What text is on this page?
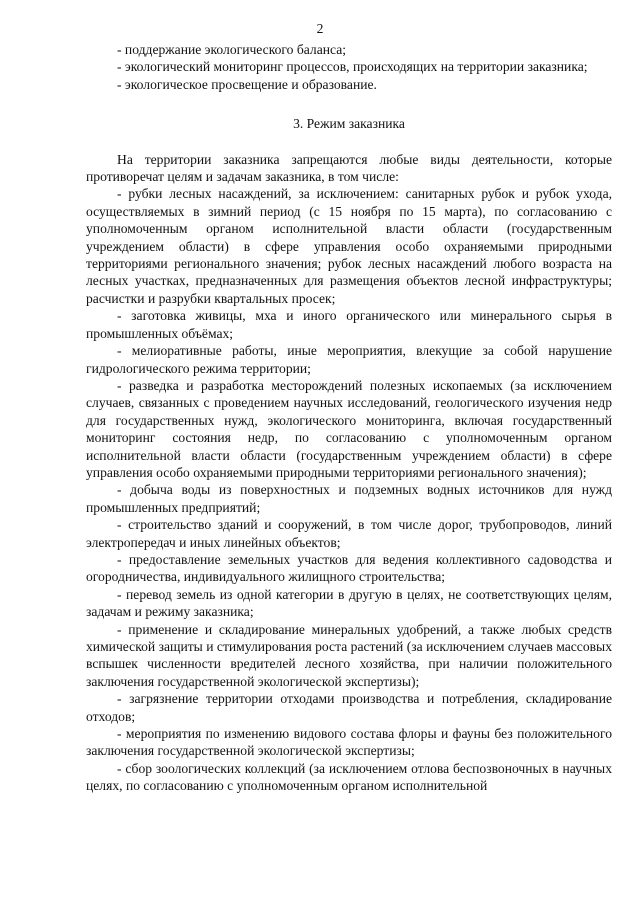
2

- поддержание экологического баланса;

- экологический мониторинг процессов, происходящих на территории заказника;

- экологическое просвещение и образование.

3. Режим заказника

На территории заказника запрещаются любые виды деятельности, которые противоречат целям и задачам заказника, в том числе:

- рубки лесных насаждений, за исключением: санитарных рубок и рубок ухода, осуществляемых в зимний период (с 15 ноября по 15 марта), по согласованию с уполномоченным органом исполнительной власти области (государственным учреждением области) в сфере управления особо охраняемыми природными территориями регионального значения; рубок лесных насаждений любого возраста на лесных участках, предназначенных для размещения объектов лесной инфраструктуры; расчистки и разрубки квартальных просек;

- заготовка живицы, мха и иного органического или минерального сырья в промышленных объёмах;

- мелиоративные работы, иные мероприятия, влекущие за собой нарушение гидрологического режима территории;

- разведка и разработка месторождений полезных ископаемых (за исключением случаев, связанных с проведением научных исследований, геологического изучения недр для государственных нужд, экологического мониторинга, включая государственный мониторинг состояния недр, по согласованию с уполномоченным органом исполнительной власти области (государственным учреждением области) в сфере управления особо охраняемыми природными территориями регионального значения);

- добыча воды из поверхностных и подземных водных источников для нужд промышленных предприятий;

- строительство зданий и сооружений, в том числе дорог, трубопроводов, линий электропередач и иных линейных объектов;

- предоставление земельных участков для ведения коллективного садоводства и огородничества, индивидуального жилищного строительства;

- перевод земель из одной категории в другую в целях, не соответствующих целям, задачам и режиму заказника;

- применение и складирование минеральных удобрений, а также любых средств химической защиты и стимулирования роста растений (за исключением случаев массовых вспышек численности вредителей лесного хозяйства, при наличии положительного заключения государственной экологической экспертизы);

- загрязнение территории отходами производства и потребления, складирование отходов;

- мероприятия по изменению видового состава флоры и фауны без положительного заключения государственной экологической экспертизы;

- сбор зоологических коллекций (за исключением отлова беспозвоночных в научных целях, по согласованию с уполномоченным органом исполнительной
